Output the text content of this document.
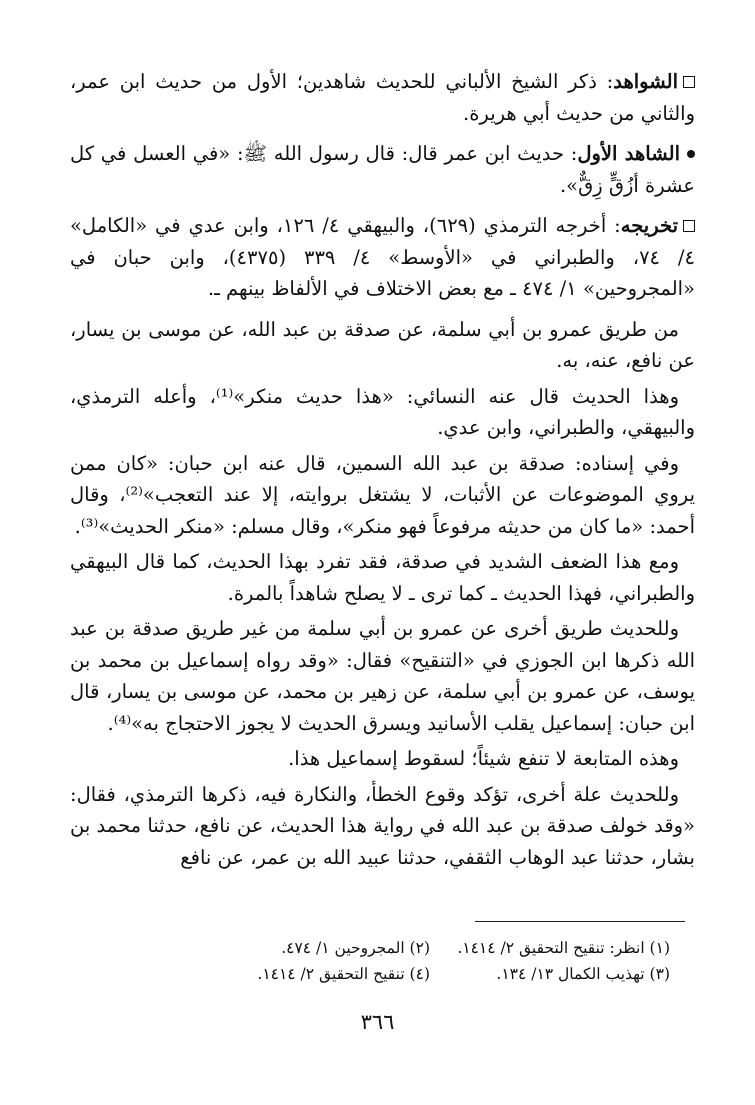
الشواهد: ذكر الشيخ الألباني للحديث شاهدين؛ الأول من حديث ابن عمر، والثاني من حديث أبي هريرة.

الشاهد الأول: حديث ابن عمر قال: قال رسول الله ﷺ: «في العسل في كل عشرة أزُقٍّ زِقٌّ».

تخريجه: أخرجه الترمذي (٦٢٩)، والبيهقي ٤/ ١٢٦، وابن عدي في «الكامل» ٤/ ٧٤، والطبراني في «الأوسط» ٤/ ٣٣٩ (٤٣٧٥)، وابن حبان في «المجروحين» ١/ ٤٧٤ ـ مع بعض الاختلاف في الألفاظ بينهم ـ.

من طريق عمرو بن أبي سلمة، عن صدقة بن عبد الله، عن موسى بن يسار، عن نافع، عنه، به.

وهذا الحديث قال عنه النسائي: «هذا حديث منكر»⁽¹⁾، وأعله الترمذي، والبيهقي، والطبراني، وابن عدي.

وفي إسناده: صدقة بن عبد الله السمين، قال عنه ابن حبان: «كان ممن يروي الموضوعات عن الأثبات، لا يشتغل بروايته، إلا عند التعجب»⁽²⁾، وقال أحمد: «ما كان من حديثه مرفوعاً فهو منكر»، وقال مسلم: «منكر الحديث»⁽³⁾.

ومع هذا الضعف الشديد في صدقة، فقد تفرد بهذا الحديث، كما قال البيهقي والطبراني، فهذا الحديث ـ كما ترى ـ لا يصلح شاهداً بالمرة.

وللحديث طريق أخرى عن عمرو بن أبي سلمة من غير طريق صدقة بن عبد الله ذكرها ابن الجوزي في «التنقيح» فقال: «وقد رواه إسماعيل بن محمد بن يوسف، عن عمرو بن أبي سلمة، عن زهير بن محمد، عن موسى بن يسار، قال ابن حبان: إسماعيل يقلب الأسانيد ويسرق الحديث لا يجوز الاحتجاج به»⁽⁴⁾.

وهذه المتابعة لا تنفع شيئاً؛ لسقوط إسماعيل هذا.

وللحديث علة أخرى، تؤكد وقوع الخطأ، والنكارة فيه، ذكرها الترمذي، فقال: «وقد خولف صدقة بن عبد الله في رواية هذا الحديث، عن نافع، حدثنا محمد بن بشار، حدثنا عبد الوهاب الثقفي، حدثنا عبيد الله بن عمر، عن نافع

(١) انظر: تنقيح التحقيق ٢/ ١٤١٤.
(٢) المجروحين ١/ ٤٧٤.
(٣) تهذيب الكمال ١٣/ ١٣٤.
(٤) تنقيح التحقيق ٢/ ١٤١٤.
٣٦٦
